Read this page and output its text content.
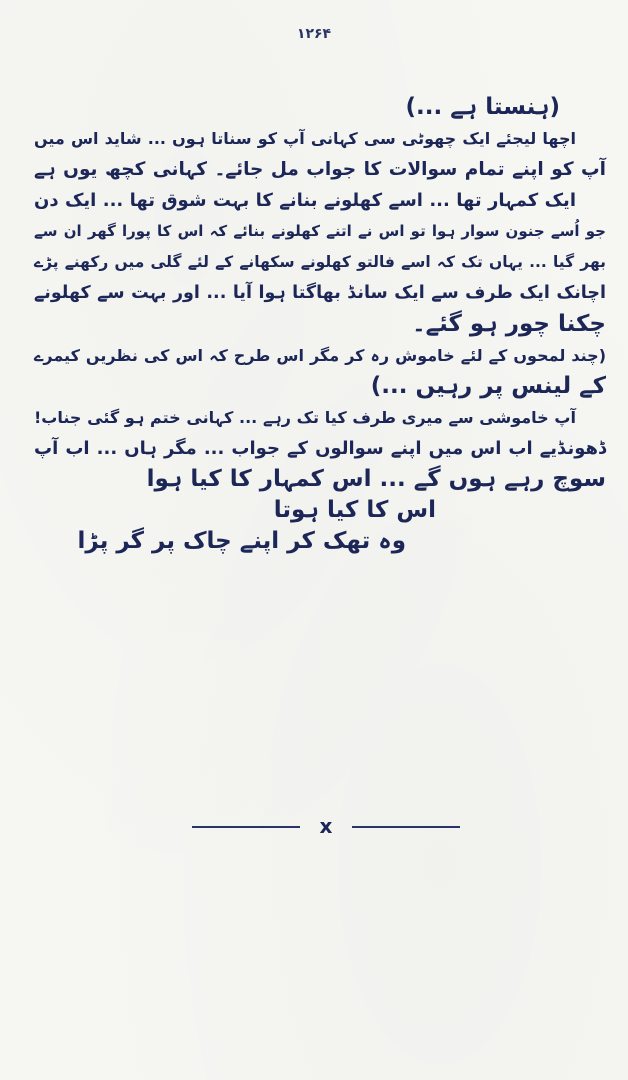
۱۲۶۴
(ہنستا ہے ...)
اچھا لیجئے ایک چھوٹی سی کہانی آپ کو سناتا ہوں ... شاید اس میں
آپ کو اپنے تمام سوالات کا جواب مل جائے۔ کہانی کچھ یوں ہے
ایک کمہار تھا ... اسے کھلونے بنانے کا بہت شوق تھا ... ایک دن
جو اُسے جنون سوار ہوا تو اس نے اتنے کھلونے بنائے کہ اس کا پورا گھر ان سے
بھر گیا ... یہاں تک کہ اسے فالتو کھلونے سکھانے کے لئے گلی میں رکھنے پڑے
اچانک ایک طرف سے ایک سانڈ بھاگتا ہوا آیا ... اور بہت سے کھلونے
چکنا چور ہو گئے۔
(چند لمحوں کے لئے خاموش رہ کر مگر اس طرح کہ اس کی نظریں کیمرے
کے لینس پر رہیں ...)
آپ خاموشی سے میری طرف کیا تک رہے ... کہانی ختم ہو گئی جناب!
ڈھونڈیے اب اس میں اپنے سوالوں کے جواب ... مگر ہاں ... اب آپ
سوچ رہے ہوں گے ... اس کمہار کا کیا ہوا
اس کا کیا ہوتا
وہ تھک کر اپنے چاک پر گر پڑا
x
